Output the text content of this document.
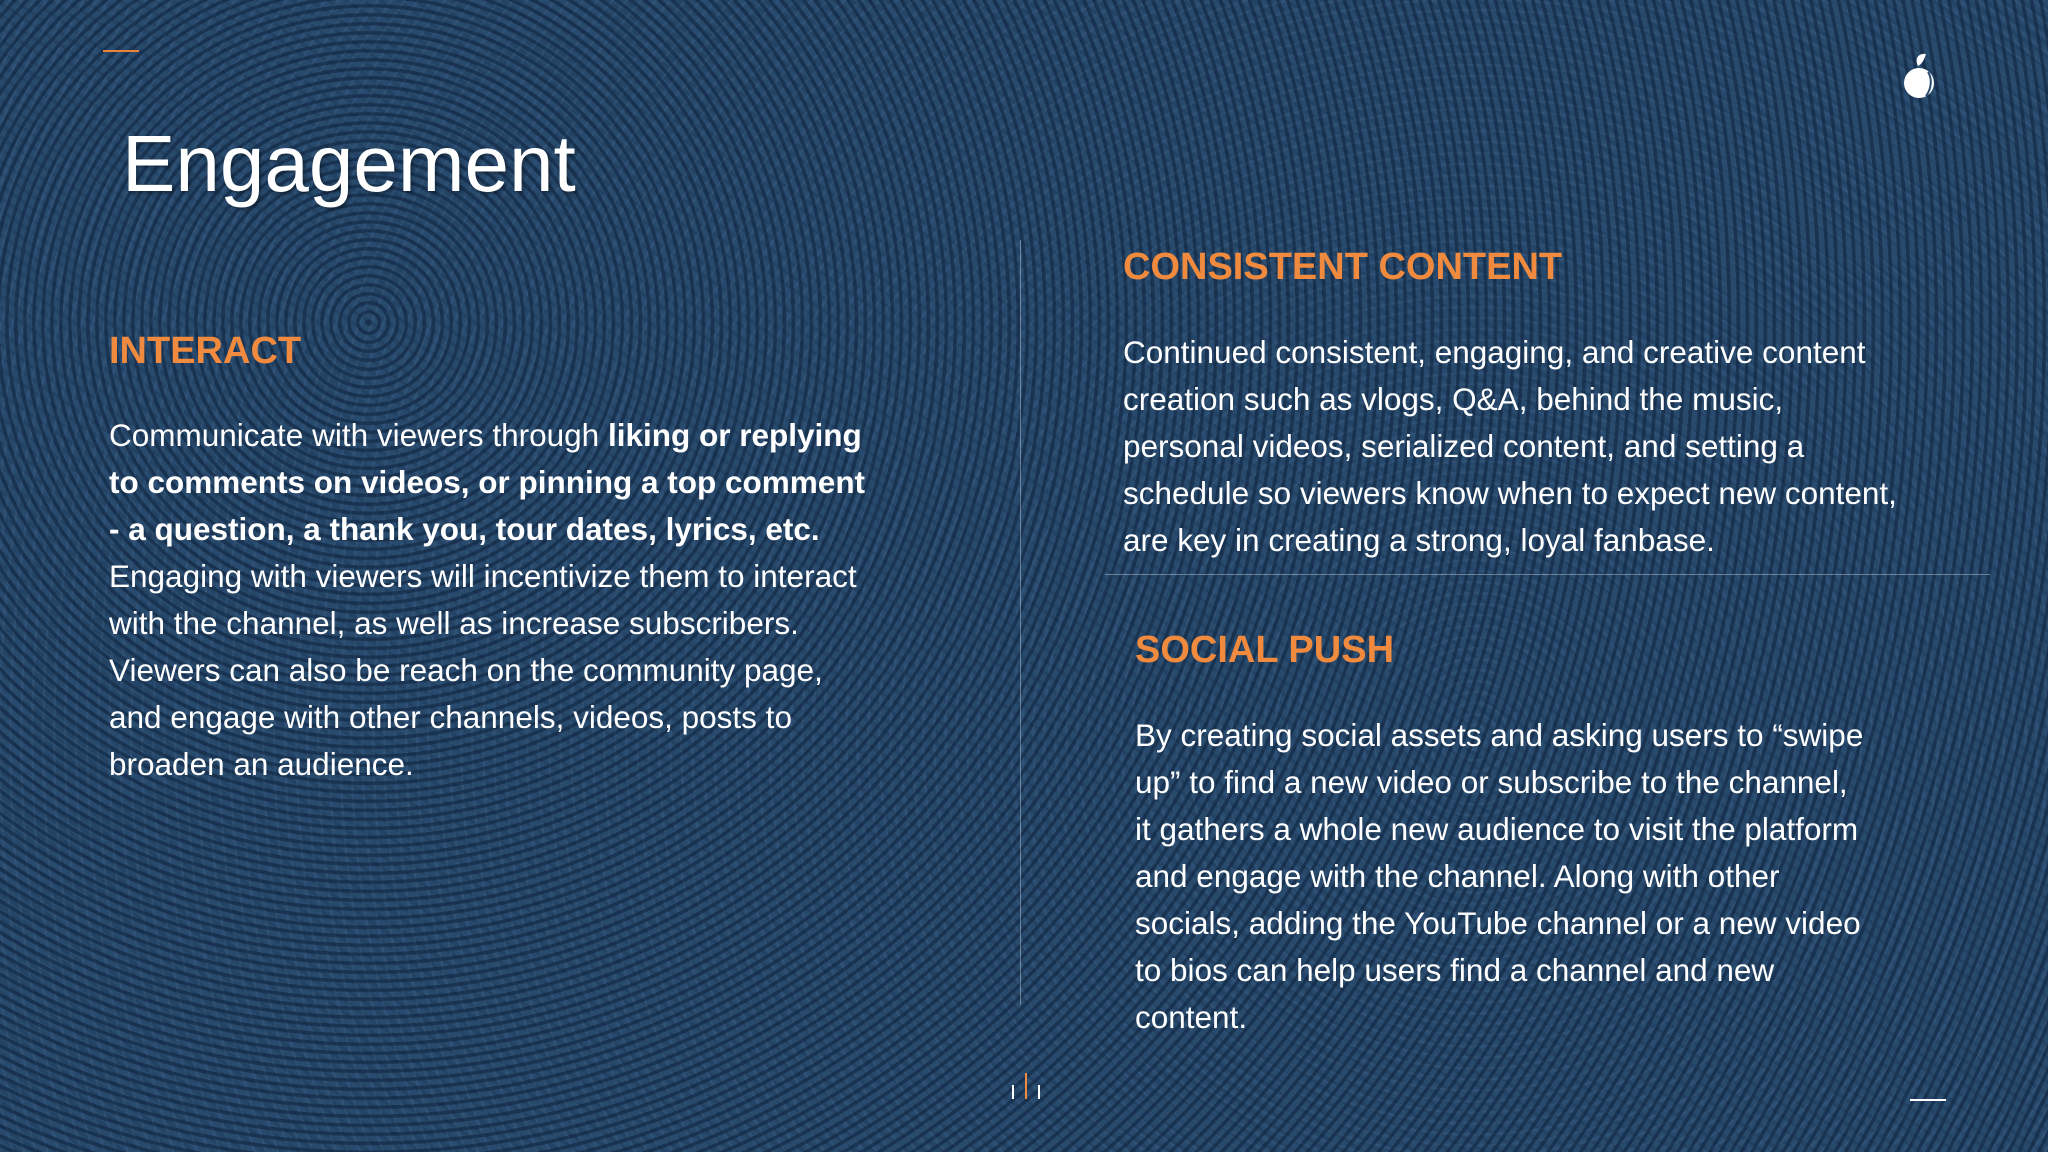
Engagement
INTERACT

Communicate with viewers through liking or replying
to comments on videos, or pinning a top comment
- a question, a thank you, tour dates, lyrics, etc.
Engaging with viewers will incentivize them to interact
with the channel, as well as increase subscribers.
Viewers can also be reach on the community page,
and engage with other channels, videos, posts to
broaden an audience.

CONSISTENT CONTENT

Continued consistent, engaging, and creative content
creation such as vlogs, Q&A, behind the music,
personal videos, serialized content, and setting a
schedule so viewers know when to expect new content,
are key in creating a strong, loyal fanbase.

SOCIAL PUSH

By creating social assets and asking users to “swipe
up” to find a new video or subscribe to the channel,
it gathers a whole new audience to visit the platform
and engage with the channel. Along with other
socials, adding the YouTube channel or a new video
to bios can help users find a channel and new
content.
